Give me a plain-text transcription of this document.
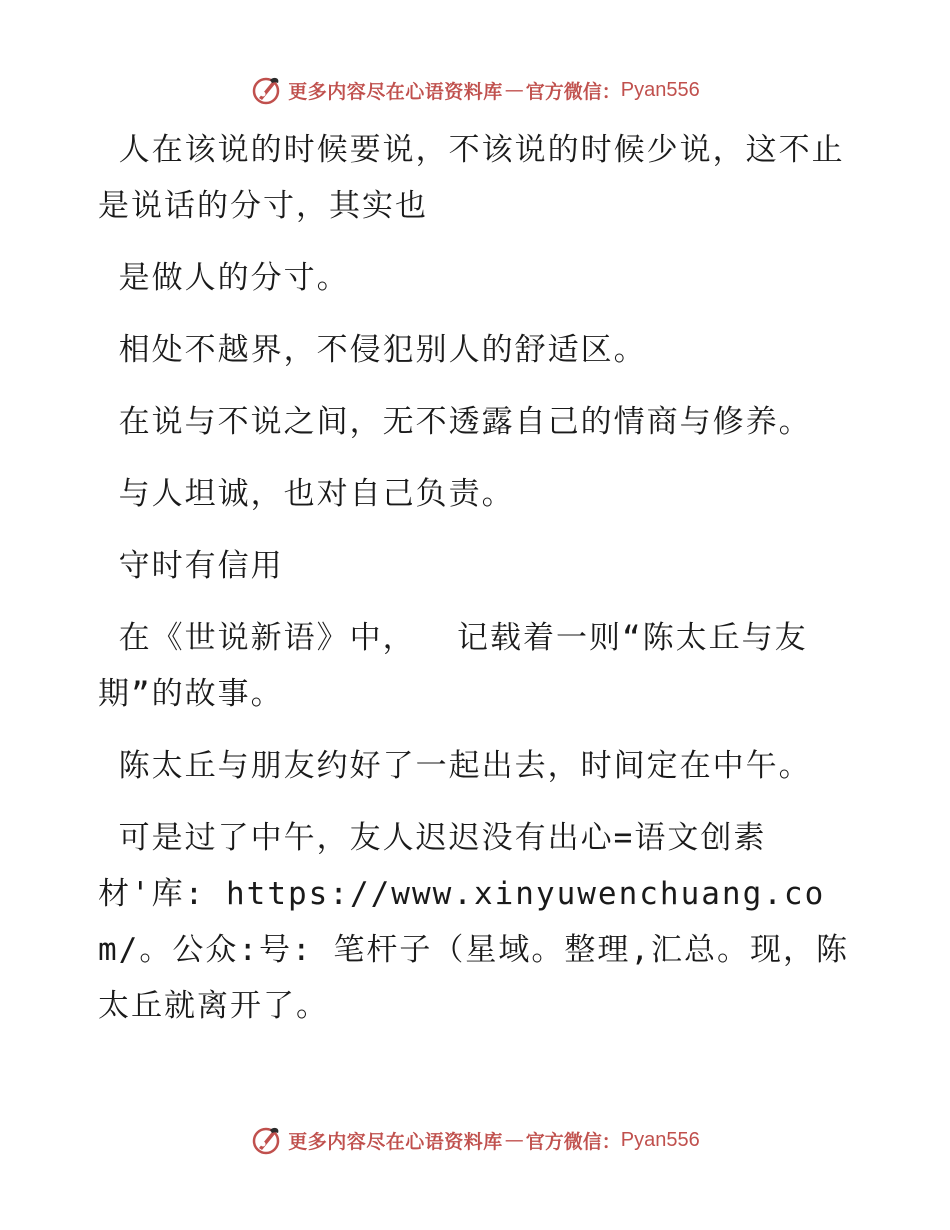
更多内容尽在心语资料库 — 官方微信： Pyan556

人在该说的时候要说，不该说的时候少说，这不止是说话的分寸，其实也

是做人的分寸。

相处不越界，不侵犯别人的舒适区。

在说与不说之间，无不透露自己的情商与修养。

与人坦诚，也对自己负责。

守时有信用

在《世说新语》中，  记载着一则“陈太丘与友期”的故事。

陈太丘与朋友约好了一起出去，时间定在中午。

可是过了中午，友人迟迟没有出心=语文创素材'库: https://www.xinyuwenchuang.com/。公众:号: 笔杆子（星域。整理,汇总。现，陈太丘就离开了。

更多内容尽在心语资料库 — 官方微信： Pyan556
